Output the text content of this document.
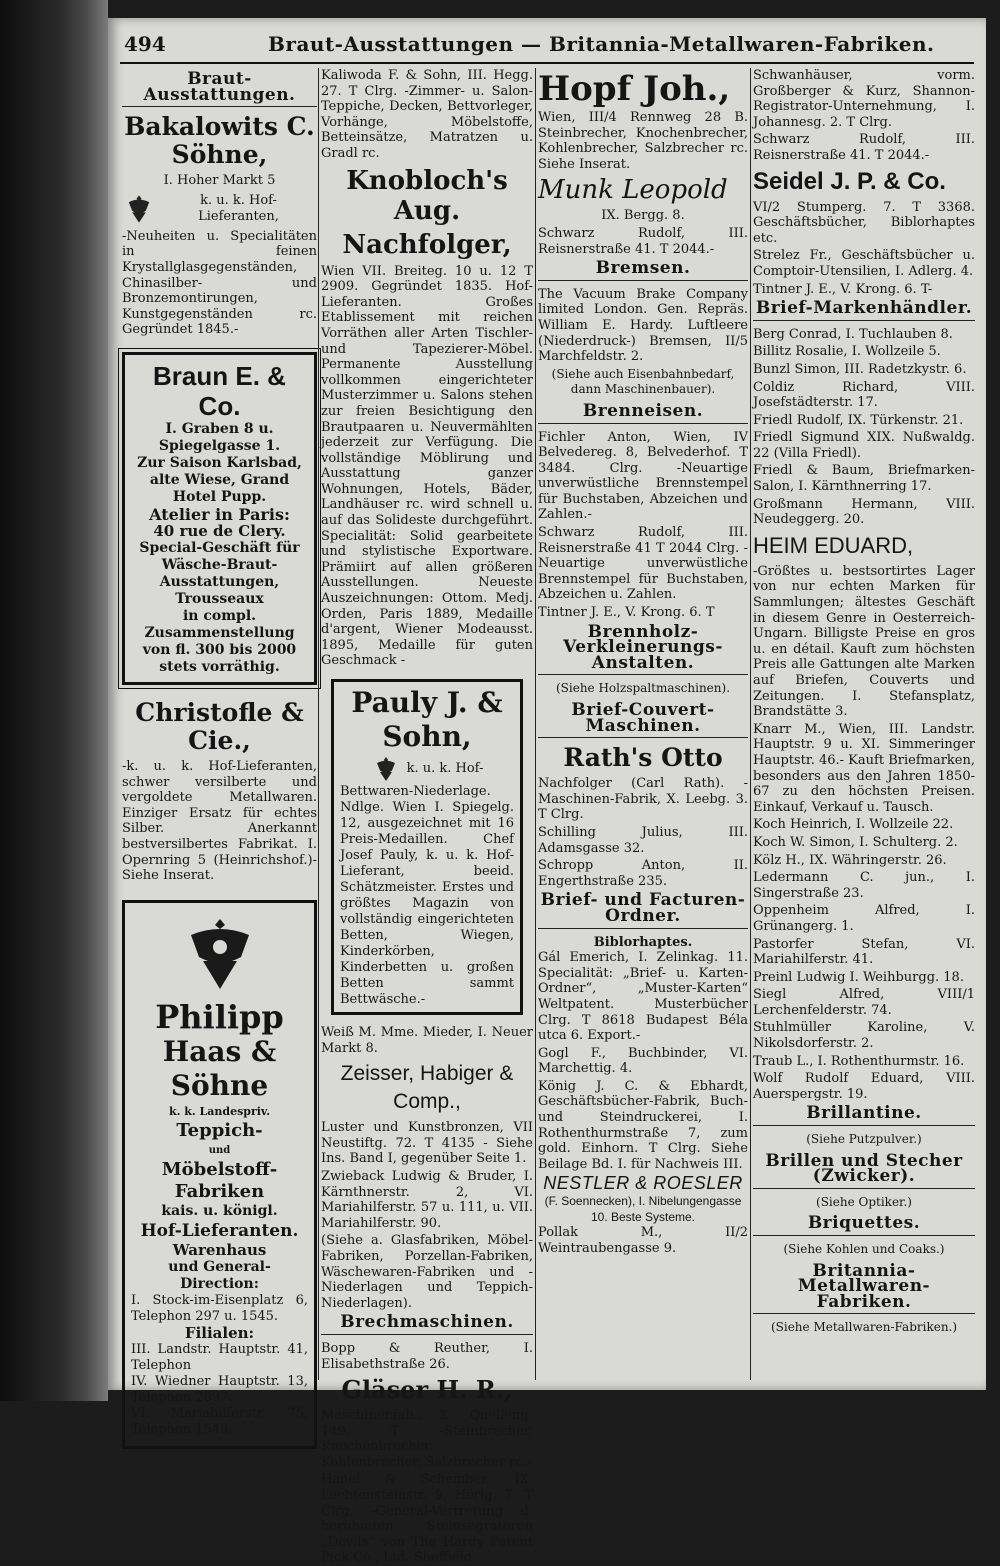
494	Braut-Ausstattungen — Britannia-Metallwaren-Fabriken.
Braut-Ausstattungen.
Bakalowits C. Söhne,
I. Hoher Markt 5
k. u. k. Hof- Lieferanten,
-Neuheiten u. Specialitäten in feinen Krystallglasgegenständen, Chinasilber- und Bronzemontirungen, Kunstgegenständen rc. Gegründet 1845.-
Braun E. & Co.
I. Graben 8 u. Spiegelgasse 1.
Zur Saison Karlsbad, alte Wiese, Grand Hotel Pupp.
Atelier in Paris:
40 rue de Clery.
Special-Geschäft für Wäsche-Braut-Ausstattungen, Trousseaux
in compl. Zusammenstellung von fl. 300 bis 2000 stets vorräthig.
Christofle & Cie.,
-k. u. k. Hof-Lieferanten, schwer versilberte und vergoldete Metallwaren. Einziger Ersatz für echtes Silber. Anerkannt bestversilbertes Fabrikat. I. Opernring 5 (Heinrichshof.)- Siehe Inserat.
Philipp
Haas & Söhne
k. k. Landespriv.
Teppich-
und
Möbelstoff-Fabriken
kais. u. königl.
Hof-Lieferanten.
Warenhaus
und General-Direction:
I. Stock-im-Eisenplatz 6, Telephon 297 u. 1545.
Filialen:
III. Landstr. Hauptstr. 41, Telephon
IV. Wiedner Hauptstr. 13, Telephon 2097.
VI. Mariahilferstr. 75, Telephon 1546.
Kaliwoda F. & Sohn, III. Hegg. 27. T Clrg. -Zimmer- u. Salon-Teppiche, Decken, Bettvorleger, Vorhänge, Möbelstoffe, Betteinsätze, Matratzen u. Gradl rc.
Knobloch's Aug.
Nachfolger,
Wien VII. Breiteg. 10 u. 12 T 2909. Gegründet 1835. Hof-Lieferanten. Großes Etablissement mit reichen Vorräthen aller Arten Tischler- und Tapezierer-Möbel. Permanente Ausstellung vollkommen eingerichteter Musterzimmer u. Salons stehen zur freien Besichtigung den Brautpaaren u. Neuvermählten jederzeit zur Verfügung. Die vollständige Möblirung und Ausstattung ganzer Wohnungen, Hotels, Bäder, Landhäuser rc. wird schnell u. auf das Solideste durchgeführt. Specialität: Solid gearbeitete und stylistische Exportware. Prämiirt auf allen größeren Ausstellungen. Neueste Auszeichnungen: Ottom. Medj. Orden, Paris 1889, Medaille d'argent, Wiener Modeausst. 1895, Medaille für guten Geschmack -
Pauly J. & Sohn,
k. u. k. Hof-
Bettwaren-Niederlage. Ndlge. Wien I. Spiegelg. 12, ausgezeichnet mit 16 Preis-Medaillen. Chef Josef Pauly, k. u. k. Hof-Lieferant, beeid. Schätzmeister. Erstes und größtes Magazin von vollständig eingerichteten Betten, Wiegen, Kinderkörben, Kinderbetten u. großen Betten sammt Bettwäsche.-
Weiß M. Mme. Mieder, I. Neuer Markt 8.
Zeisser, Habiger & Comp.,
Luster und Kunstbronzen, VII Neustiftg. 72. T 4135 - Siehe Ins. Band I, gegenüber Seite 1.
Zwieback Ludwig & Bruder, I. Kärnthnerstr. 2, VI. Mariahilferstr. 57 u. 111, u. VII. Mariahilferstr. 90.
(Siehe a. Glasfabriken, Möbel-Fabriken, Porzellan-Fabriken, Wäschewaren-Fabriken und -Niederlagen und Teppich-Niederlagen).
Brechmaschinen.
Bopp & Reuther, I. Elisabethstraße 26.
Gläser H. R.,
Maschinenfab., X. Quelleng. 149. T -Steinbrecher, Knochenbrecher, Kohlenbrecher, Salzbrecher rc.-
Hanel & Schember, IX. Lechtensteinstr. 9, Hörlg. 7. T Clrg. -General-Vertretung d. berühmten Steinsegratoren „Devils“ von The Hardy Patent Pick Co., Ltd. Sheffield.
Hopf Joh.,
Wien, III/4 Rennweg 28 B. Steinbrecher, Knochenbrecher, Kohlenbrecher, Salzbrecher rc. Siehe Inserat.
Munk Leopold
IX. Bergg. 8.
Schwarz Rudolf, III. Reisnerstraße 41. T 2044.-
Bremsen.
The Vacuum Brake Company limited London. Gen. Repräs. William E. Hardy. Luftleere (Niederdruck-) Bremsen, II/5 Marchfeldstr. 2.
(Siehe auch Eisenbahnbedarf, dann Maschinenbauer).
Brenneisen.
Fichler Anton, Wien, IV Belvedereg. 8, Belvederhof. T 3484. Clrg. -Neuartige unverwüstliche Brennstempel für Buchstaben, Abzeichen und Zahlen.-
Schwarz Rudolf, III. Reisnerstraße 41 T 2044 Clrg. -Neuartige unverwüstliche Brennstempel für Buchstaben, Abzeichen u. Zahlen.
Tintner J. E., V. Krong. 6. T
Brennholz-Verkleinerungs-Anstalten.
(Siehe Holzspaltmaschinen).
Brief-Couvert-Maschinen.
Rath's Otto
Nachfolger (Carl Rath). -Maschinen-Fabrik, X. Leebg. 3. T Clrg.
Schilling Julius, III. Adamsgasse 32.
Schropp Anton, II. Engerthstraße 235.
Brief- und Facturen-Ordner.
Biblorhaptes.
Gál Emerich, I. Zelinkag. 11. Specialität: „Brief- u. Karten-Ordner“, „Muster-Karten“ Weltpatent. Musterbücher Clrg. T 8618 Budapest Béla utca 6. Export.-
Gogl F., Buchbinder, VI. Marchettig. 4.
König J. C. & Ebhardt, Geschäftsbücher-Fabrik, Buch- und Steindruckerei, I. Rothenthurmstraße 7, zum gold. Einhorn. T Clrg. Siehe Beilage Bd. I. für Nachweis III.
NESTLER & ROESLER
(F. Soennecken), I. Nibelungengasse 10. Beste Systeme.
Pollak M., II/2 Weintraubengasse 9.
Schwanhäuser, vorm. Großberger & Kurz, Shannon-Registrator-Unternehmung, I. Johannesg. 2. T Clrg.
Schwarz Rudolf, III. Reisnerstraße 41. T 2044.-
Seidel J. P. & Co.
VI/2 Stumperg. 7. T 3368. Geschäftsbücher, Biblorhaptes etc.
Strelez Fr., Geschäftsbücher u. Comptoir-Utensilien, I. Adlerg. 4.
Tintner J. E., V. Krong. 6. T-
Brief-Markenhändler.
Berg Conrad, I. Tuchlauben 8.
Billitz Rosalie, I. Wollzeile 5.
Bunzl Simon, III. Radetzkystr. 6.
Coldiz Richard, VIII. Josefstädterstr. 17.
Friedl Rudolf, IX. Türkenstr. 21.
Friedl Sigmund XIX. Nußwaldg. 22 (Villa Friedl).
Friedl & Baum, Briefmarken-Salon, I. Kärnthnerring 17.
Großmann Hermann, VIII. Neudeggerg. 20.
HEIM EDUARD,
-Größtes u. bestsortirtes Lager von nur echten Marken für Sammlungen; ältestes Geschäft in diesem Genre in Oesterreich-Ungarn. Billigste Preise en gros u. en détail. Kauft zum höchsten Preis alle Gattungen alte Marken auf Briefen, Couverts und Zeitungen. I. Stefansplatz, Brandstätte 3.
Knarr M., Wien, III. Landstr. Hauptstr. 9 u. XI. Simmeringer Hauptstr. 46.- Kauft Briefmarken, besonders aus den Jahren 1850-67 zu den höchsten Preisen. Einkauf, Verkauf u. Tausch.
Koch Heinrich, I. Wollzeile 22.
Koch W. Simon, I. Schulterg. 2.
Kölz H., IX. Währingerstr. 26.
Ledermann C. jun., I. Singerstraße 23.
Oppenheim Alfred, I. Grünangerg. 1.
Pastorfer Stefan, VI. Mariahilferstr. 41.
Preinl Ludwig I. Weihburgg. 18.
Siegl Alfred, VIII/1 Lerchenfelderstr. 74.
Stuhlmüller Karoline, V. Nikolsdorferstr. 2.
Traub L., I. Rothenthurmstr. 16.
Wolf Rudolf Eduard, VIII. Auerspergstr. 19.
Brillantine.
(Siehe Putzpulver.)
Brillen und Stecher (Zwicker).
(Siehe Optiker.)
Briquettes.
(Siehe Kohlen und Coaks.)
Britannia-Metallwaren-Fabriken.
(Siehe Metallwaren-Fabriken.)
